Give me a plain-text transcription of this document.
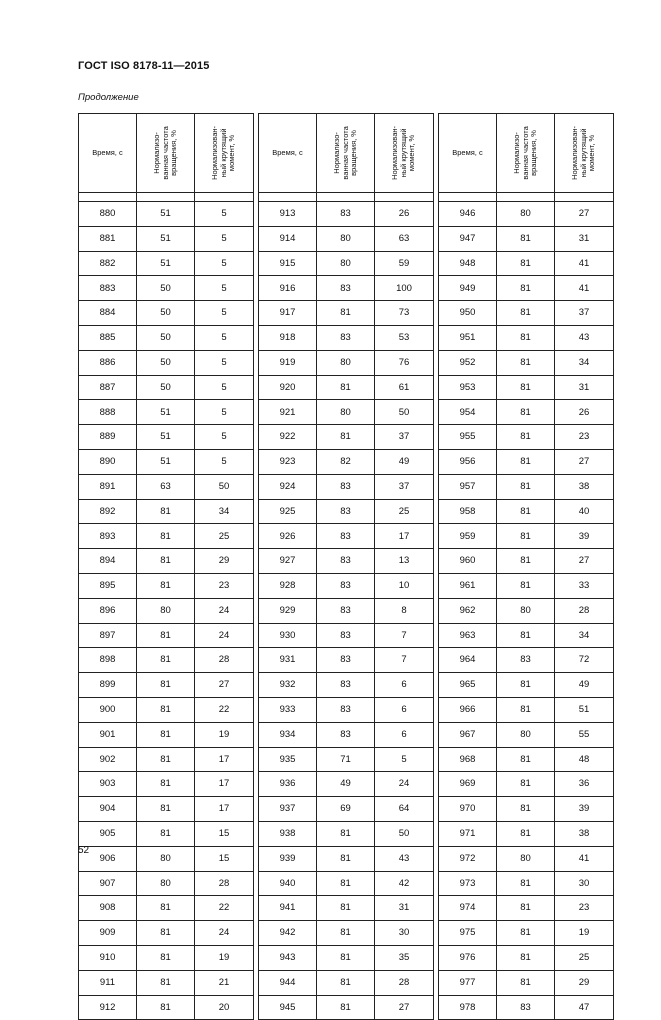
ГОСТ ISO 8178-11—2015
Продолжение
Время, с	Нормализо-
ванная частота
вращения, %	Нормализован-
ный крутящий
момент, %

880	51	5
881	51	5
882	51	5
883	50	5
884	50	5
885	50	5
886	50	5
887	50	5
888	51	5
889	51	5
890	51	5
891	63	50
892	81	34
893	81	25
894	81	29
895	81	23
896	80	24
897	81	24
898	81	28
899	81	27
900	81	22
901	81	19
902	81	17
903	81	17
904	81	17
905	81	15
906	80	15
907	80	28
908	81	22
909	81	24
910	81	19
911	81	21
912	81	20
Время, с	Нормализо-
ванная частота
вращения, %	Нормализован-
ный крутящий
момент, %

913	83	26
914	80	63
915	80	59
916	83	100
917	81	73
918	83	53
919	80	76
920	81	61
921	80	50
922	81	37
923	82	49
924	83	37
925	83	25
926	83	17
927	83	13
928	83	10
929	83	8
930	83	7
931	83	7
932	83	6
933	83	6
934	83	6
935	71	5
936	49	24
937	69	64
938	81	50
939	81	43
940	81	42
941	81	31
942	81	30
943	81	35
944	81	28
945	81	27
Время, с	Нормализо-
ванная частота
вращения, %	Нормализован-
ный крутящий
момент, %

946	80	27
947	81	31
948	81	41
949	81	41
950	81	37
951	81	43
952	81	34
953	81	31
954	81	26
955	81	23
956	81	27
957	81	38
958	81	40
959	81	39
960	81	27
961	81	33
962	80	28
963	81	34
964	83	72
965	81	49
966	81	51
967	80	55
968	81	48
969	81	36
970	81	39
971	81	38
972	80	41
973	81	30
974	81	23
975	81	19
976	81	25
977	81	29
978	83	47
52
